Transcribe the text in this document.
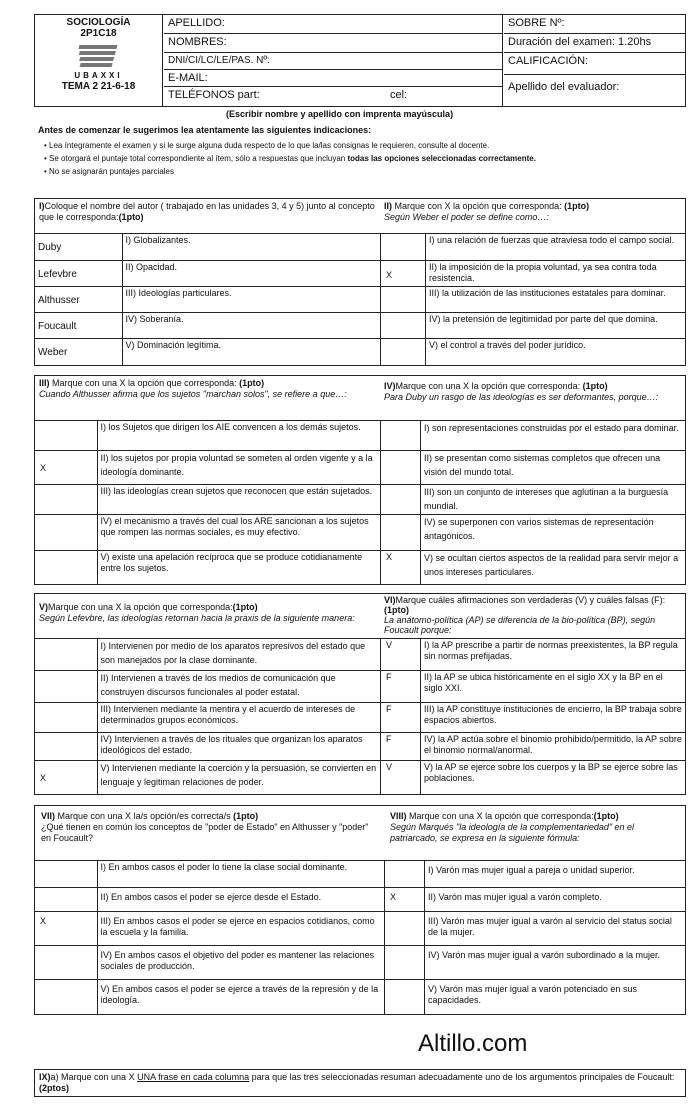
SOCIOLOGÍA
2P1C18
UBAXXI
TEMA 2 21-6-18
APELLIDO:
NOMBRES:
DNI/CI/LC/LE/PAS. Nº:
E-MAIL:
TELÉFONOS part:	cel:
SOBRE Nº:
Duración del examen: 1.20hs
CALIFICACIÓN:
Apellido del evaluador:
(Escribir nombre y apellido con imprenta mayúscula)
Antes de comenzar le sugerimos lea atentamente las siguientes indicaciones:
• Lea íntegramente el examen y si le surge alguna duda respecto de lo que la/las consignas le requieren, consulte al docente.
• Se otorgará el puntaje total correspondiente al ítem, sólo a respuestas que incluyan todas las opciones seleccionadas correctamente.
• No se asignarán puntajes parciales
I)Coloque el nombre del autor ( trabajado en las unidades 3, 4 y 5) junto al concepto que le corresponda:(1pto)
Duby	I) Globalizantes.
Lefevbre	II) Opacidad.
Althusser	III) Ideologías particulares.
Foucault	IV) Soberanía.
Weber	V) Dominación legítima.
II) Marque con X la opción que corresponda: (1pto)
Según Weber el poder se define como…:
	I) una relación de fuerzas que atraviesa todo el campo social.
X	II) la imposición de la propia voluntad, ya sea contra toda resistencia.
	III) la utilización de las instituciones estatales para dominar.
	IV) la pretensión de legitimidad por parte del que domina.
	V) el control a través del poder jurídico.
III) Marque con una X la opción que corresponda: (1pto)
Cuando Althusser afirma que los sujetos "marchan solos", se refiere a que…:
	I) los Sujetos que dirigen los AIE convencen a los demás sujetos.
X	II) los sujetos por propia voluntad se someten al orden vigente y a la ideología dominante.
	III) las ideologías crean sujetos que reconocen que están sujetados.
	IV) el mecanismo a través del cual los ARE sancionan a los sujetos que rompen las normas sociales, es muy efectivo.
	V) existe una apelación recíproca que se produce cotidianamente entre los sujetos.
IV)Marque con una X la opción que corresponda: (1pto)
Para Duby un rasgo de las ideologías es ser deformantes, porque…:
	I) son representaciones construidas por el estado para dominar.
	II) se presentan como sistemas completos que ofrecen una visión del mundo total.
	III) son un conjunto de intereses que aglutinan a la burguesía mundial.
	IV) se superponen con varios sistemas de representación antagónicos.
X	V) se ocultan ciertos aspectos de la realidad para servir mejor a unos intereses particulares.
V)Marque con una X la opción que corresponda:(1pto)
Según Lefevbre, las ideologías retornan hacia la praxis de la siguiente manera:
	I) Intervienen por medio de los aparatos represivos del estado que son manejados por la clase dominante.
	II) Intervienen a través de los medios de comunicación que construyen discursos funcionales al poder estatal.
	III) Intervienen mediante la mentira y el acuerdo de intereses de determinados grupos económicos.
	IV) Intervienen a través de los rituales que organizan los aparatos ideológicos del estado.
X	V) Intervienen mediante la coerción y la persuasión, se convierten en lenguaje y legitiman relaciones de poder.
VI)Marque cuáles afirmaciones son verdaderas (V) y cuáles falsas (F):(1pto)
La anátomo-política (AP) se diferencia de la bio-política (BP), según Foucault porque:
V	I) la AP prescribe a partir de normas preexistentes, la BP regula sin normas prefijadas.
F	II) la AP se ubica históricamente en el siglo XX y la BP en el siglo XXI.
F	III) la AP constituye instituciones de encierro, la BP trabaja sobre espacios abiertos.
F	IV) la AP actúa sobre el binomio prohibido/permitido, la AP sobre el binomio normal/anormal.
V	V) la AP se ejerce sobre los cuerpos y la BP se ejerce sobre las poblaciones.
VII) Marque con una X la/s opción/es correcta/s (1pto)
¿Qué tienen en común los conceptos de "poder de Estado" en Althusser y "poder" en Foucault?
	I) En ambos casos el poder lo tiene la clase social dominante.
	II) En ambos casos el poder se ejerce desde el Estado.
X	III) En ambos casos el poder se ejerce en espacios cotidianos, como la escuela y la familia.
	IV) En ambos casos el objetivo del poder es mantener las relaciones sociales de producción.
	V) En ambos casos el poder se ejerce a través de la represión y de la ideología.
VIII) Marque con una X la opción que corresponda:(1pto)
Según Marqués "la ideología de la complementariedad" en el patriarcado, se expresa en la siguiente fórmula:
	I) Varón mas mujer igual a pareja o unidad superior.
X	II) Varón mas mujer igual a varón completo.
	III) Varón mas mujer igual a varón al servicio del status social de la mujer.
	IV) Varón mas mujer igual a varón subordinado a la mujer.
	V) Varón mas mujer igual a varón potenciado en sus capacidades.
Altillo.com
IX)a) Marque con una X UNA frase en cada columna para que las tres seleccionadas resuman adecuadamente uno de los argumentos principales de Foucault: (2ptos)
